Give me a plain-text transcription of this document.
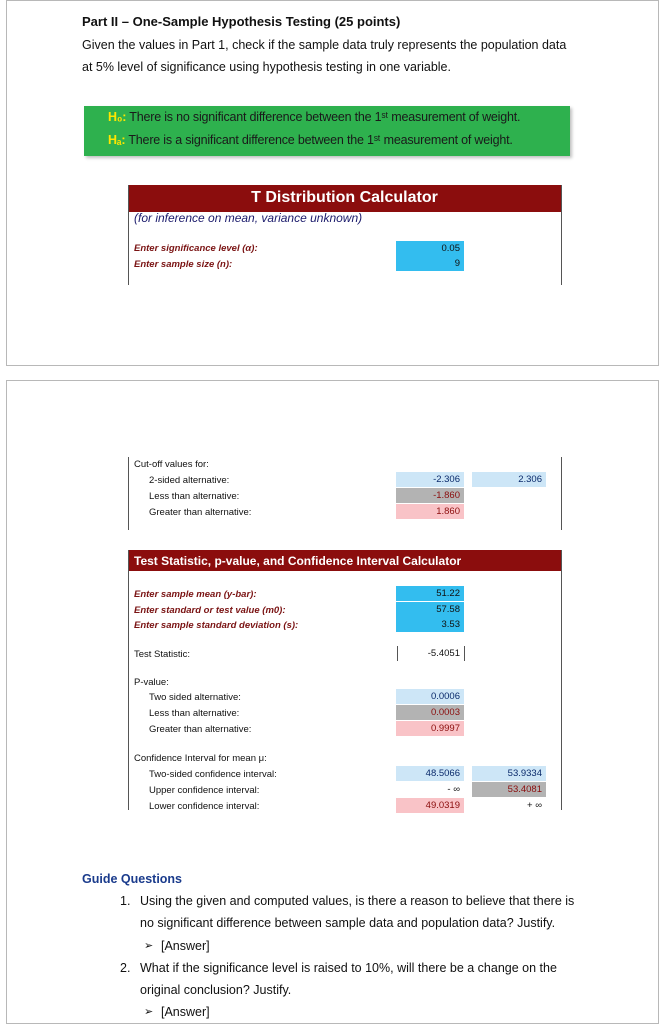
Part II – One-Sample Hypothesis Testing (25 points)
Given the values in Part 1, check if the sample data truly represents the population data
at 5% level of significance using hypothesis testing in one variable.
H₀: There is no significant difference between the 1ˢᵗ measurement of weight.
Hₐ: There is a significant difference between the 1ˢᵗ measurement of weight.
T Distribution Calculator
(for inference on mean, variance unknown)
Enter significance level (α):	0.05
Enter sample size (n):	9
Cut-off values for:
2-sided alternative:	-2.306	2.306
Less than alternative:	-1.860
Greater than alternative:	1.860
Test Statistic, p-value, and Confidence Interval Calculator
Enter sample mean (y-bar):	51.22
Enter standard or test value (m0):	57.58
Enter sample standard deviation (s):	3.53
Test Statistic:	-5.4051
P-value:
Two sided alternative:	0.0006
Less than alternative:	0.0003
Greater than alternative:	0.9997
Confidence Interval for mean μ:
Two-sided confidence interval:	48.5066	53.9334
Upper confidence interval:	- ∞	53.4081
Lower confidence interval:	49.0319	+ ∞
Guide Questions
1. Using the given and computed values, is there a reason to believe that there is
no significant difference between sample data and population data? Justify.
➢ [Answer]
2. What if the significance level is raised to 10%, will there be a change on the
original conclusion? Justify.
➢ [Answer]
